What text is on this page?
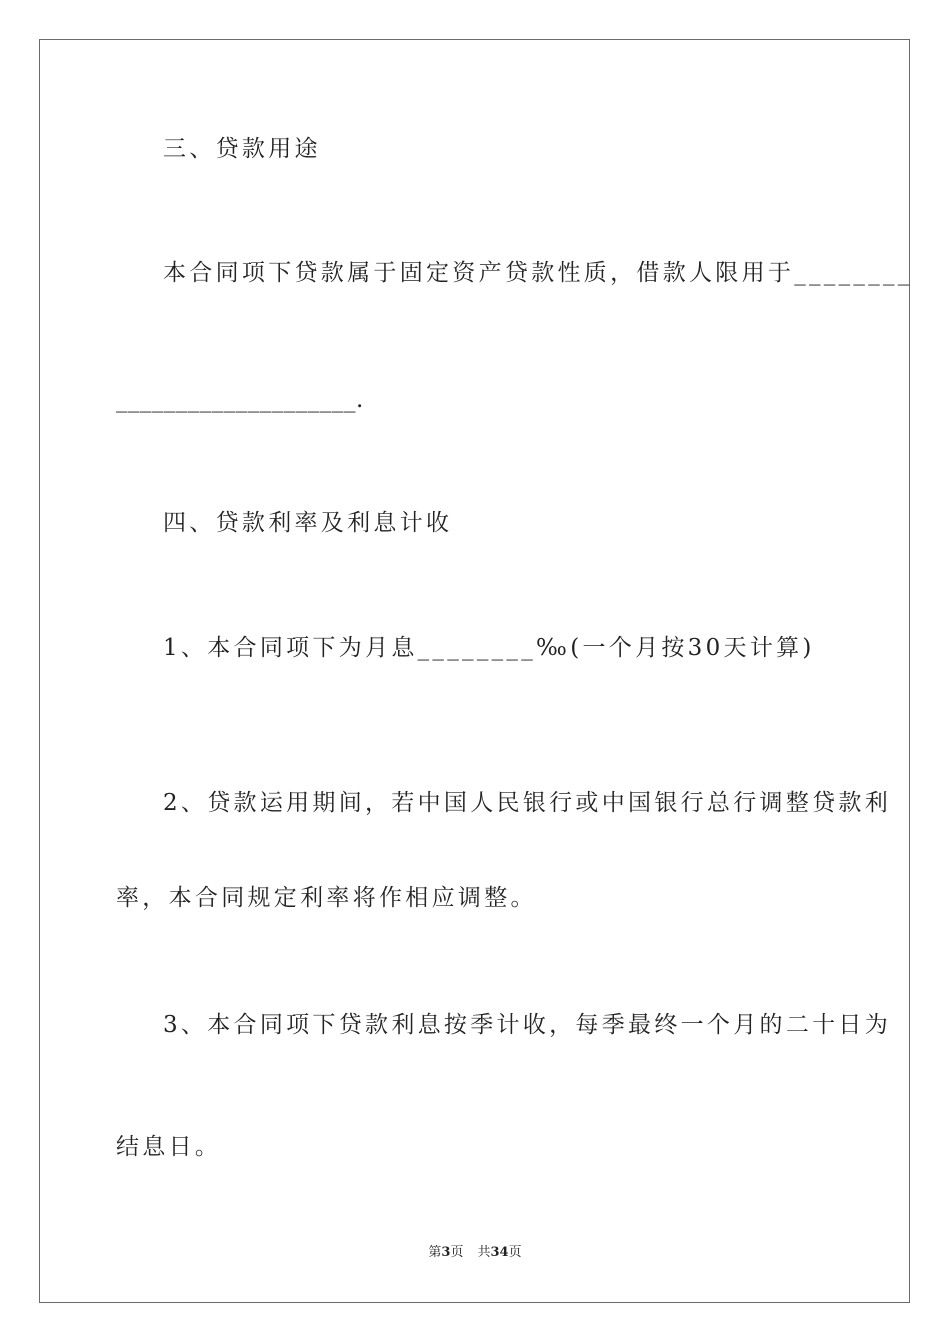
三、贷款用途
本合同项下贷款属于固定资产贷款性质，借款人限用于________
____________________.
四、贷款利率及利息计收
1、本合同项下为月息________‰(一个月按30天计算)
2、贷款运用期间，若中国人民银行或中国银行总行调整贷款利
率，本合同规定利率将作相应调整。
3、本合同项下贷款利息按季计收，每季最终一个月的二十日为
结息日。
第3页 共34页
